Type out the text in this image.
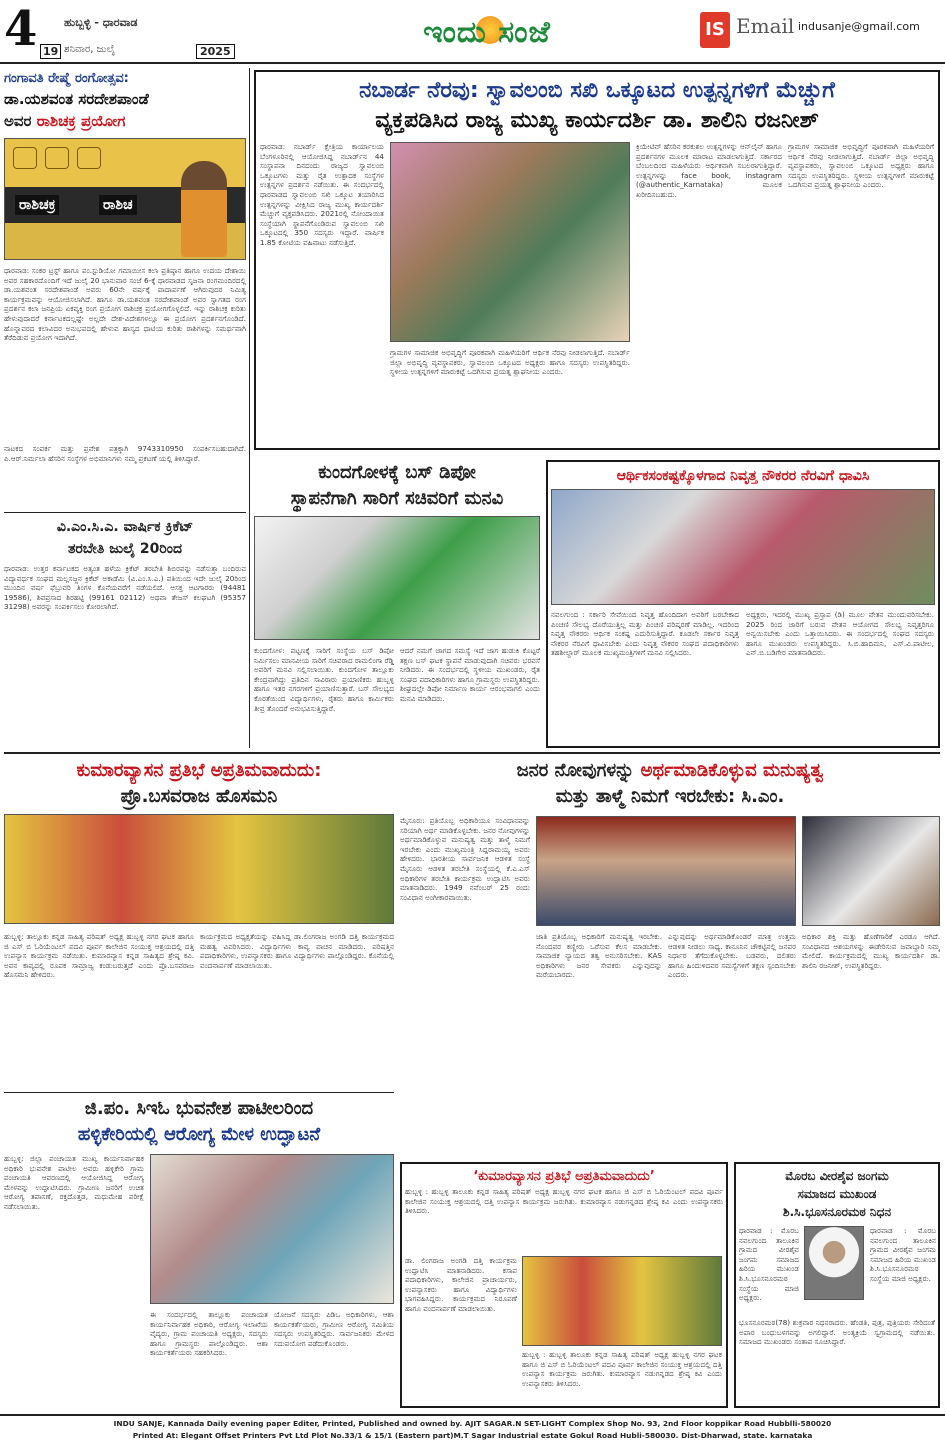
4 19
ಹುಬ್ಬಳ್ಳಿ - ಧಾರವಾಡ
ಶನಿವಾರ, ಜುಲೈ	2025
ಇಂದು ಸಂಜೆ	IS Email indusanje@gmail.com
ಗಂಗಾವತಿ ರೇಷ್ಮೆ ರಂಗೋತ್ಸವ:
ಡಾ.ಯಶವಂತ ಸರದೇಶಪಾಂಡೆ
ಅವರ ರಾಶಿಚಕ್ರ ಪ್ರಯೋಗ
ರಾಶಿಚಕ್ರ	ರಾಶಿಚ
ಧಾರವಾಡ: ಸಂಕಠ ಟ್ರಸ್ಟ್ ಹಾಗೂ ಪಂ.ಸ್ಟುಡಿಯೋ ಗಮಾಯೀಸ ಕಲಾ ಪ್ರತಿಷ್ಠಾನ ಹಾಗೂ ಉದಯ ದೇಶಾಯಿ ಅವರ ಸಹಕಾರದೊಂದಿಗೆ ಇದೆ ಜುಲೈ 20 ಭಾನುವಾರ ಸಂಜೆ 6-ಕ್ಕೆ ಧಾರವಾಡದ ಸೃಜನಾ ರಂಗಮಂದಿರದಲ್ಲಿ ಡಾ.ಯಶವಂತ ಸರದೇಶಪಾಂಡೆ ಅವರು 60ನೇ ವರ್ಷಕ್ಕೆ ಪಾದಾರ್ಪಣೆ ಆಗಿರುವುದರ ನಿಮಿತ್ಯ ಕಾರ್ಯಕ್ರಮವನ್ನು ಆಯೋಜಿಸಲಾಗಿದೆ. ಹಾಗೂ ಡಾ.ಯಶವಂತ ಸರದೇಶಪಾಂಡೆ ಅವರ ಸ್ವಾಗತದ ರಂಗ ಪ್ರದರ್ಶನ ಕಲಾ ಜನಪ್ರಿಯ ಏಕವ್ಯಕ್ತಿ ರಂಗ ಪ್ರಯೋಗ ರಾಶಿಚಕ್ರ ಪ್ರಯೋಗಗೊಳ್ಳಲಿದೆ. ಇನ್ನು ರಾಶಿಚಕ್ರ ಕುರಿತು ಹೇಳುವುದಾದರೆ ಕರ್ನಾಟಕದಲ್ಲಷ್ಟೇ ಅಲ್ಲದೇ ದೇಶ-ವಿದೇಶಗಳಲ್ಲೂ ಈ ಪ್ರಯೋಗ ಪ್ರದರ್ಶನಗೊಂಡಿದೆ. ಹೊನ್ನಾವರದ ಕಲಾವಿದರ ಅನುಭವದಲ್ಲಿ ಹೇಳುವ ಹಾಸ್ಯದ ಧಾಟಿಯ ಕುರಿತು ರಾಶಿಗಳನ್ನು ಸಮರ್ಥವಾಗಿ ತೆರೆದಿಡುವ ಪ್ರಯೋಗ ಇದಾಗಿದೆ.
ನಾಟಕದ ಸಂಪರ್ಕ ಮತ್ತು ಪ್ರವೇಶ ಪತ್ರಕ್ಕಾಗಿ 9743310950 ಸಂಪರ್ಕಿಸಬಹುದಾಗಿದೆ. ಪಿ.ಆರ್.ನಿರ್ಮಲಾ ಹೆಸರಿನ ಸಂಸ್ಥೆಗಳ ಅಭಿಮಾನಿಗಳು ನಮ್ಮ ಪ್ರಕಟಣೆ ಯಲ್ಲಿ ತಿಳಿಸಿದ್ದಾರೆ.
ವಿ.ಎಂ.ಸಿ.ಎ. ವಾರ್ಷಿಕ ಕ್ರಿಕೆಟ್
ತರಬೇತಿ ಜುಲೈ 20ರಿಂದ
ಧಾರವಾಡ: ಉತ್ತರ ಕರ್ನಾಟಕದ ಅತ್ಯಂತ ಹಳೆಯ ಕ್ರಿಕೆಟ್ ತರಬೇತಿ ಶಿಬಿರವನ್ನು ನಡೆಸುತ್ತಾ ಬಂದಿರುವ ವಿದ್ಯಾವರ್ಧಕ ಸಂಘದ ಮಲ್ಲಸಜ್ಜನ ಕ್ರಿಕೆಟ್ ಅಕಾಡೆಮಿ (ವಿ.ಎಂ.ಸಿ.ಎ.) ವತಿಯಿಂದ ಇದೇ ಜುಲೈ 20ರಿಂದ ಮುಂದಿನ ವರ್ಷ ಫೆಬ್ರುವರಿ ತಿಂಗಳ ಕೊನೆಯವರೆಗೆ ನಡೆಯಲಿದೆ. ಆಸಕ್ತ ಆಟಗಾರರು (94481 19586), ಶಿವಪ್ರಸಾದ ಶಿರಹಟ್ಟಿ (99161 02112) ಅಥವಾ ತೇಜಸ್ ಕಲಘಟಗಿ (95357 31298) ಅವರನ್ನು ಸಂಪರ್ಕಿಸಲು ಕೋರಲಾಗಿದೆ.
ನಬಾರ್ಡ ನೆರವು: ಸ್ವಾವಲಂಬಿ ಸಖಿ ಒಕ್ಕೂಟದ ಉತ್ಪನ್ನಗಳಿಗೆ ಮೆಚ್ಚುಗೆ
ವ್ಯಕ್ತಪಡಿಸಿದ ರಾಜ್ಯ ಮುಖ್ಯ ಕಾರ್ಯದರ್ಶಿ ಡಾ. ಶಾಲಿನಿ ರಜನೀಶ್
ಧಾರವಾಡ: ನಬಾರ್ಡ್ ಕ್ಷೇತ್ರಿಯ ಕಾರ್ಯಾಲಯ ಬೆಂಗಳೂರಿನಲ್ಲಿ ಆಯೋಜಿಸಿದ್ದ ನಬಾರ್ಡ್‌ನ 44 ಸಂಸ್ಥಾಪನಾ ದಿನದಂದು ರಾಜ್ಯದ ಸ್ವಾವಲಂಬಿ ಒಕ್ಕೂಟಗಳು ಮತ್ತು ರೈತ ಉತ್ಪಾದಕ ಸಂಸ್ಥೆಗಳ ಉತ್ಪನ್ನಗಳ ಪ್ರದರ್ಶನ ನಡೆಯಿತು. ಈ ಸಂದರ್ಭದಲ್ಲಿ ಧಾರವಾಡದ ಸ್ವಾವಲಂಬಿ ಸಖಿ ಒಕ್ಕೂಟ ತಯಾರಿಸಿದ ಉತ್ಪನ್ನಗಳನ್ನು ವೀಕ್ಷಿಸಿದ ರಾಜ್ಯ ಮುಖ್ಯ ಕಾರ್ಯದರ್ಶಿ ಮೆಚ್ಚುಗೆ ವ್ಯಕ್ತಪಡಿಸಿದರು. 2021ರಲ್ಲಿ ನೋಂದಾಯಿತ ಸಂಸ್ಥೆಯಾಗಿ ಸ್ಥಾಪನೆಗೊಂಡಿರುವ ಸ್ವಾವಲಂಬಿ ಸಖಿ ಒಕ್ಕೂಟದಲ್ಲಿ 350 ಸದಸ್ಯರು ಇದ್ದಾರೆ. ವಾರ್ಷಿಕ 1.85 ಕೋಟಿಯ ವಹಿವಾಟು ನಡೆಸುತ್ತಿದೆ.
ಗ್ರಾಮಗಳ ಸಾಮಾಜಿಕ ಅಭಿವೃದ್ಧಿಗೆ ಪೂರಕವಾಗಿ ಮಹಿಳೆಯರಿಗೆ ಆರ್ಥಿಕ ನೆರವು ನೀಡಲಾಗುತ್ತಿದೆ. ನಬಾರ್ಡ್ ಜಿಲ್ಲಾ ಅಭಿವೃದ್ಧಿ ವ್ಯವಸ್ಥಾಪಕರು, ಸ್ವಾವಲಂಬಿ ಒಕ್ಕೂಟದ ಅಧ್ಯಕ್ಷರು ಹಾಗೂ ಸದಸ್ಯರು ಉಪಸ್ಥಿತರಿದ್ದರು. ಸ್ಥಳೀಯ ಉತ್ಪನ್ನಗಳಿಗೆ ಮಾರುಕಟ್ಟೆ ಒದಗಿಸುವ ಪ್ರಯತ್ನ ಶ್ಲಾಘನೀಯ ಎಂದರು.
ಕ್ರಿಯೇಟಿವ್ ಹೆಸರಿನ ಕರಕುಶಲ ಉತ್ಪನ್ನಗಳನ್ನು ಆನ್‌ಲೈನ್ ಹಾಗೂ ಪ್ರದರ್ಶನಗಳ ಮೂಲಕ ಮಾರಾಟ ಮಾಡಲಾಗುತ್ತಿದೆ. ಸರ್ಕಾರದ ಬೆಂಬಲದಿಂದ ಮಹಿಳೆಯರು ಆರ್ಥಿಕವಾಗಿ ಸಬಲರಾಗುತ್ತಿದ್ದಾರೆ. ಉತ್ಪನ್ನಗಳನ್ನು face book, instagram (@authentic_Karnataka) ಮೂಲಕ ಖರೀದಿಸಬಹುದು.
ಗ್ರಾಮಗಳ ಸಾಮಾಜಿಕ ಅಭಿವೃದ್ಧಿಗೆ ಪೂರಕವಾಗಿ ಮಹಿಳೆಯರಿಗೆ ಆರ್ಥಿಕ ನೆರವು ನೀಡಲಾಗುತ್ತಿದೆ. ನಬಾರ್ಡ್ ಜಿಲ್ಲಾ ಅಭಿವೃದ್ಧಿ ವ್ಯವಸ್ಥಾಪಕರು, ಸ್ವಾವಲಂಬಿ ಒಕ್ಕೂಟದ ಅಧ್ಯಕ್ಷರು ಹಾಗೂ ಸದಸ್ಯರು ಉಪಸ್ಥಿತರಿದ್ದರು. ಸ್ಥಳೀಯ ಉತ್ಪನ್ನಗಳಿಗೆ ಮಾರುಕಟ್ಟೆ ಒದಗಿಸುವ ಪ್ರಯತ್ನ ಶ್ಲಾಘನೀಯ ಎಂದರು.
ಕುಂದಗೋಳಕ್ಕೆ ಬಸ್ ಡಿಪೋ
ಸ್ಥಾಪನೆಗಾಗಿ ಸಾರಿಗೆ ಸಚಿವರಿಗೆ ಮನವಿ
ಕುಂದಗೋಳ: ಪಟ್ಟಣಕ್ಕೆ ಸಾರಿಗೆ ಸಂಸ್ಥೆಯ ಬಸ್ ಡಿಪೋ ನಿರ್ಮಿಸಲು ಮಾನವೀಯ ಸಾರಿಗೆ ಸಚಿವರಾದ ರಾಮಲಿಂಗಾ ರೆಡ್ಡಿ ಅವರಿಗೆ ಮನವಿ ಸಲ್ಲಿಸಲಾಯಿತು. ಕುಂದಗೋಳ ತಾಲ್ಲೂಕು ಕೇಂದ್ರವಾಗಿದ್ದು ಪ್ರತಿದಿನ ಸಾವಿರಾರು ಪ್ರಯಾಣಿಕರು ಹುಬ್ಬಳ್ಳಿ ಹಾಗೂ ಇತರ ನಗರಗಳಿಗೆ ಪ್ರಯಾಣಿಸುತ್ತಾರೆ. ಬಸ್ ಸೌಲಭ್ಯದ ಕೊರತೆಯಿಂದ ವಿದ್ಯಾರ್ಥಿಗಳು, ರೈತರು ಹಾಗೂ ಕಾರ್ಮಿಕರು ತೀವ್ರ ತೊಂದರೆ ಅನುಭವಿಸುತ್ತಿದ್ದಾರೆ.
ಆದರೆ ನಮಗೆ ಜಾಗದ ಸಮಸ್ಯೆ ಇದೆ ಜಾಗ ಹುಡುಕಿ ಕೊಟ್ಟರೆ ತಕ್ಷಣ ಬಸ್ ಘಟಕ ಸ್ಥಾಪನೆ ಮಾಡುವುದಾಗಿ ಸಚಿವರು ಭರವಸೆ ನೀಡಿದರು. ಈ ಸಂದರ್ಭದಲ್ಲಿ ಸ್ಥಳೀಯ ಮುಖಂಡರು, ರೈತ ಸಂಘದ ಪದಾಧಿಕಾರಿಗಳು ಹಾಗೂ ಗ್ರಾಮಸ್ಥರು ಉಪಸ್ಥಿತರಿದ್ದರು. ಶೀಘ್ರದಲ್ಲೇ ಡಿಪೋ ನಿರ್ಮಾಣ ಕಾರ್ಯ ಆರಂಭವಾಗಲಿ ಎಂದು ಮನವಿ ಮಾಡಿದರು.
ಆರ್ಥಿಕಸಂಕಷ್ಟಕ್ಕೊಳಗಾದ ನಿವೃತ್ತ ನೌಕರರ ನೆರವಿಗೆ ಧಾವಿಸಿ
ನವಲಗುಂದ : ಸರ್ಕಾರಿ ಸೇವೆಯಿಂದ ನಿವೃತ್ತ ಹೊಂದಿದಾಗ ಅವರಿಗೆ ಬರಬೇಕಾದ ಪಿಂಚಣಿ ಸೌಲಭ್ಯ ದೊರೆಯುತ್ತಿಲ್ಲ ಮತ್ತು ಪಿಂಚಣಿ ಪರಿಷ್ಕರಣೆ ಮಾಡಿಲ್ಲ. ಇದರಿಂದ ನಿವೃತ್ತ ನೌಕರರು ಆರ್ಥಿಕ ಸಂಕಷ್ಟ ಎದುರಿಸುತ್ತಿದ್ದಾರೆ. ಕೂಡಲೇ ಸರ್ಕಾರ ನಿವೃತ್ತ ನೌಕರರ ನೆರವಿಗೆ ಧಾವಿಸಬೇಕು ಎಂದು ನಿವೃತ್ತ ನೌಕರರ ಸಂಘದ ಪದಾಧಿಕಾರಿಗಳು ತಹಶೀಲ್ದಾರ್ ಮೂಲಕ ಮುಖ್ಯಮಂತ್ರಿಗಳಿಗೆ ಮನವಿ ಸಲ್ಲಿಸಿದರು.
ಅಧ್ಯಕ್ಷರು, ಇದರಲ್ಲಿ ಮುಖ್ಯ ಪ್ರಸ್ತಾಪ (ಡಿ) ಮೂಲ ವೇತನ ಮುಂದುವರಿಸಬೇಕು. 2025 ರಿಂದ ಜಾರಿಗೆ ಬರುವ ವೇತನ ಆಯೋಗದ ಸೌಲಭ್ಯ ನಿವೃತ್ತರಿಗೂ ಅನ್ವಯಿಸಬೇಕು ಎಂದು ಒತ್ತಾಯಿಸಿದರು. ಈ ಸಂದರ್ಭದಲ್ಲಿ ಸಂಘದ ಸದಸ್ಯರು ಹಾಗೂ ಮುಖಂಡರು ಉಪಸ್ಥಿತರಿದ್ದರು. ಸಿ.ಬಿ.ಹಾದಿಮನಿ, ಎಸ್.ವಿ.ಪಾಟೀಲ, ಎನ್.ಬಿ.ಬಡಿಗೇರ ಮಾತನಾಡಿದರು.
ಕುಮಾರವ್ಯಾಸನ ಪ್ರತಿಭೆ ಅಪ್ರತಿಮವಾದುದು:
ಪ್ರೊ.ಬಸವರಾಜ ಹೊಸಮನಿ
ಹುಬ್ಬಳ್ಳಿ: ತಾಲ್ಲೂಕು ಕನ್ನಡ ಸಾಹಿತ್ಯ ಪರಿಷತ್ ಅಧ್ಯಕ್ಷ ಹುಬ್ಬಳ್ಳಿ ನಗರ ಘಟಕ ಹಾಗೂ ಜಿ ಎಸ್ ಬಿ ಓರಿಯೆಂಟಲ್ ಪದವಿ ಪೂರ್ವ ಕಾಲೇಜಿನ ಸಂಯುಕ್ತ ಆಶ್ರಯದಲ್ಲಿ ದತ್ತಿ ಉಪನ್ಯಾಸ ಕಾರ್ಯಕ್ರಮ ನಡೆಯಿತು. ಕುಮಾರವ್ಯಾಸ ಕನ್ನಡ ಸಾಹಿತ್ಯದ ಶ್ರೇಷ್ಠ ಕವಿ. ಅವನ ಕಾವ್ಯದಲ್ಲಿ ರೂಪಕ ಸಾಮ್ರಾಜ್ಯ ಕಂಡುಬರುತ್ತದೆ ಎಂದು ಪ್ರೊ.ಬಸವರಾಜ ಹೊಸಮನಿ ಹೇಳಿದರು.
ಕಾರ್ಯಕ್ರಮದ ಅಧ್ಯಕ್ಷತೆಯನ್ನು ವಹಿಸಿದ್ದ ಡಾ.ಲಿಂಗರಾಜ ಅಂಗಡಿ ದತ್ತಿ ಕಾರ್ಯಕ್ರಮದ ಮಹತ್ವ ವಿವರಿಸಿದರು. ವಿದ್ಯಾರ್ಥಿಗಳು ಕಾವ್ಯ ವಾಚನ ಮಾಡಿದರು. ಪರಿಷತ್ತಿನ ಪದಾಧಿಕಾರಿಗಳು, ಉಪನ್ಯಾಸಕರು ಹಾಗೂ ವಿದ್ಯಾರ್ಥಿಗಳು ಪಾಲ್ಗೊಂಡಿದ್ದರು. ಕೊನೆಯಲ್ಲಿ ವಂದನಾರ್ಪಣೆ ಮಾಡಲಾಯಿತು.
ಜನರ ನೋವುಗಳನ್ನು ಅರ್ಥಮಾಡಿಕೊಳ್ಳುವ ಮನುಷ್ಯತ್ವ
ಮತ್ತು ತಾಳ್ಮೆ ನಿಮಗೆ ಇರಬೇಕು: ಸಿ.ಎಂ.
ಮೈಸೂರು: ಪ್ರತಿಯೊಬ್ಬ ಅಧಿಕಾರಿಯೂ ಸಂವಿಧಾನವನ್ನು ಸರಿಯಾಗಿ ಅರ್ಥ ಮಾಡಿಕೊಳ್ಳಬೇಕು. ಜನರ ನೋವುಗಳನ್ನು ಅರ್ಥಮಾಡಿಕೊಳ್ಳುವ ಮನುಷ್ಯತ್ವ ಮತ್ತು ತಾಳ್ಮೆ ನಿಮಗೆ ಇರಬೇಕು ಎಂದು ಮುಖ್ಯಮಂತ್ರಿ ಸಿದ್ದರಾಮಯ್ಯ ಅವರು ಹೇಳಿದರು. ಭಾರತೀಯ ಸಾರ್ವಜನಿಕ ಆಡಳಿತ ಸಂಸ್ಥೆ ಮೈಸೂರು ಆಡಳಿತ ತರಬೇತಿ ಸಂಸ್ಥೆಯಲ್ಲಿ ಕೆ.ಎ.ಎಸ್ ಅಧಿಕಾರಿಗಳ ತರಬೇತಿ ಕಾರ್ಯಕ್ರಮ ಉದ್ಘಾಟಿಸಿ ಅವರು ಮಾತನಾಡಿದರು. 1949 ನವೆಂಬರ್ 25 ರಂದು ಸಂವಿಧಾನ ಅಂಗೀಕಾರವಾಯಿತು.
ಜಾತಿ ಪ್ರತಿಯೊಬ್ಬ ಅಧಿಕಾರಿಗೆ ಮನುಷ್ಯತ್ವ ಇರಬೇಕು. ನೊಂದವರ ಕಣ್ಣೀರು ಒರೆಸುವ ಕೆಲಸ ಮಾಡಬೇಕು. ಸಾಮಾಜಿಕ ನ್ಯಾಯದ ತತ್ವ ಅನುಸರಿಸಬೇಕು. KAS ಅಧಿಕಾರಿಗಳು ಜನರ ಸೇವಕರು ಎನ್ನುವುದನ್ನು ಮರೆಯಬಾರದು.
ಎನ್ನುವುದನ್ನು ಅರ್ಥಮಾಡಿಕೊಂಡರೆ ಮಾತ್ರ ಉತ್ತಮ ಆಡಳಿತ ನೀಡಲು ಸಾಧ್ಯ. ಕಾನೂನಿನ ಚೌಕಟ್ಟಿನಲ್ಲಿ ಜನಪರ ನಿರ್ಧಾರ ತೆಗೆದುಕೊಳ್ಳಬೇಕು. ಬಡವರು, ದಲಿತರು ಹಾಗೂ ಹಿಂದುಳಿದವರ ಸಮಸ್ಯೆಗಳಿಗೆ ತಕ್ಷಣ ಸ್ಪಂದಿಸಬೇಕು ಎಂದರು.
ಅಧಿಕಾರ ಶಕ್ತಿ ಮತ್ತು ಹೊಣೆಗಾರಿಕೆ ಎರಡೂ ಆಗಿದೆ. ಸಂವಿಧಾನದ ಆಶಯಗಳನ್ನು ಈಡೇರಿಸುವ ಜವಾಬ್ದಾರಿ ನಿಮ್ಮ ಮೇಲಿದೆ. ಕಾರ್ಯಕ್ರಮದಲ್ಲಿ ಮುಖ್ಯ ಕಾರ್ಯದರ್ಶಿ ಡಾ. ಶಾಲಿನಿ ರಜನೀಶ್, ಉಪಸ್ಥಿತರಿದ್ದರು.
ಜಿ.ಪಂ. ಸಿಇಓ ಭುವನೇಶ ಪಾಟೀಲರಿಂದ
ಹಳ್ಳಿಕೇರಿಯಲ್ಲಿ ಆರೋಗ್ಯ ಮೇಳ ಉದ್ಘಾಟನೆ
ಹುಬ್ಬಳ್ಳಿ: ಜಿಲ್ಲಾ ಪಂಚಾಯತ ಮುಖ್ಯ ಕಾರ್ಯನಿರ್ವಾಹಕ ಅಧಿಕಾರಿ ಭುವನೇಶ ಪಾಟೀಲ ಅವರು ಹಳ್ಳಿಕೇರಿ ಗ್ರಾಮ ಪಂಚಾಯತಿ ಆವರಣದಲ್ಲಿ ಆಯೋಜಿಸಿದ್ದ ಆರೋಗ್ಯ ಮೇಳವನ್ನು ಉದ್ಘಾಟಿಸಿದರು. ಗ್ರಾಮೀಣ ಜನರಿಗೆ ಉಚಿತ ಆರೋಗ್ಯ ತಪಾಸಣೆ, ರಕ್ತದೊತ್ತಡ, ಮಧುಮೇಹ ಪರೀಕ್ಷೆ ನಡೆಸಲಾಯಿತು.
ಈ ಸಂದರ್ಭದಲ್ಲಿ ತಾಲ್ಲೂಕು ಪಂಚಾಯತ ಕಾರ್ಯನಿರ್ವಾಹಕ ಅಧಿಕಾರಿ, ಆರೋಗ್ಯ ಇಲಾಖೆಯ ವೈದ್ಯರು, ಗ್ರಾಮ ಪಂಚಾಯತಿ ಅಧ್ಯಕ್ಷರು, ಸದಸ್ಯರು ಹಾಗೂ ಗ್ರಾಮಸ್ಥರು ಪಾಲ್ಗೊಂಡಿದ್ದರು. ಆಶಾ ಕಾರ್ಯಕರ್ತೆಯರು ಸಹಕರಿಸಿದರು.
ಯೋಜನೆ ಸದಸ್ಯರು ಪಿಡಿಒ ಅಧಿಕಾರಿಗಳು, ಆಶಾ ಕಾರ್ಯಕರ್ತೆಯರು, ಗ್ರಾಮೀಣ ಆರೋಗ್ಯ ಸಮಿತಿಯ ಸದಸ್ಯರು ಉಪಸ್ಥಿತರಿದ್ದರು. ಸಾರ್ವಜನಿಕರು ಮೇಳದ ಸದುಪಯೋಗ ಪಡೆದುಕೊಂಡರು.
‘ಕುಮಾರವ್ಯಾಸನ ಪ್ರತಿಭೆ ಅಪ್ರತಿಮವಾದುದು’
ಹುಬ್ಬಳ್ಳಿ : ಹುಬ್ಬಳ್ಳಿ ತಾಲೂಕು ಕನ್ನಡ ಸಾಹಿತ್ಯ ಪರಿಷತ್ ಅಧ್ಯಕ್ಷ ಹುಬ್ಬಳ್ಳಿ ನಗರ ಘಟಕ ಹಾಗೂ ಜಿ ಎಸ್ ಬಿ ಓರಿಯೆಂಟಲ್ ಪದವಿ ಪೂರ್ವ ಕಾಲೇಜಿನ ಸಂಯುಕ್ತ ಆಶ್ರಯದಲ್ಲಿ ದತ್ತಿ ಉಪನ್ಯಾಸ ಕಾರ್ಯಕ್ರಮ ಜರುಗಿತು. ಕುಮಾರವ್ಯಾಸ ನಡುಗನ್ನಡದ ಶ್ರೇಷ್ಠ ಕವಿ ಎಂದು ಉಪನ್ಯಾಸಕರು ತಿಳಿಸಿದರು.
ಡಾ. ಲಿಂಗರಾಜ ಅಂಗಡಿ ದತ್ತಿ ಕಾರ್ಯಕ್ರಮ ಉದ್ಘಾಟಿಸಿ ಮಾತನಾಡಿದರು. ಕಸಾಪ ಪದಾಧಿಕಾರಿಗಳು, ಕಾಲೇಜಿನ ಪ್ರಾಚಾರ್ಯರು, ಉಪನ್ಯಾಸಕರು ಹಾಗೂ ವಿದ್ಯಾರ್ಥಿಗಳು ಭಾಗವಹಿಸಿದ್ದರು. ಕಾರ್ಯಕ್ರಮದ ನಿರೂಪಣೆ ಹಾಗೂ ವಂದನಾರ್ಪಣೆ ಮಾಡಲಾಯಿತು.
ಹುಬ್ಬಳ್ಳಿ : ಹುಬ್ಬಳ್ಳಿ ತಾಲೂಕು ಕನ್ನಡ ಸಾಹಿತ್ಯ ಪರಿಷತ್ ಅಧ್ಯಕ್ಷ ಹುಬ್ಬಳ್ಳಿ ನಗರ ಘಟಕ ಹಾಗೂ ಜಿ ಎಸ್ ಬಿ ಓರಿಯೆಂಟಲ್ ಪದವಿ ಪೂರ್ವ ಕಾಲೇಜಿನ ಸಂಯುಕ್ತ ಆಶ್ರಯದಲ್ಲಿ ದತ್ತಿ ಉಪನ್ಯಾಸ ಕಾರ್ಯಕ್ರಮ ಜರುಗಿತು. ಕುಮಾರವ್ಯಾಸ ನಡುಗನ್ನಡದ ಶ್ರೇಷ್ಠ ಕವಿ ಎಂದು ಉಪನ್ಯಾಸಕರು ತಿಳಿಸಿದರು.
ಮೊರಬ ವೀರಶೈವ ಜಂಗಮ
ಸಮಾಜದ ಮುಖಂಡ
ಶಿ.ಸಿ.ಭೂಸನೂರಮಠ ನಿಧನ
ಧಾರವಾಡ : ಮೊರಬ ನವಲಗುಂದ ತಾಲೂಕಿನ ಗ್ರಾಮದ ವೀರಶೈವ ಜಂಗಮ ಸಮಾಜದ ಹಿರಿಯ ಮುಖಂಡ ಶಿ.ಸಿ.ಭೂಸನೂರಮಠ ಸಂಸ್ಥೆಯ ಮಾಜಿ ಅಧ್ಯಕ್ಷರು.
ಧಾರವಾಡ : ಮೊರಬ ನವಲಗುಂದ ತಾಲೂಕಿನ ಗ್ರಾಮದ ವೀರಶೈವ ಜಂಗಮ ಸಮಾಜದ ಹಿರಿಯ ಮುಖಂಡ ಶಿ.ಸಿ.ಭೂಸನೂರಮಠ ಸಂಸ್ಥೆಯ ಮಾಜಿ ಅಧ್ಯಕ್ಷರು.
ಭೂಸನೂರಮಠ(78) ಶುಕ್ರವಾರ ನಿಧನರಾದರು. ಹೆಂಡತಿ, ಪುತ್ರ, ಪುತ್ರಿಯರು ಸೇರಿದಂತೆ ಅಪಾರ ಬಂಧುಬಳಗವನ್ನು ಅಗಲಿದ್ದಾರೆ. ಅಂತ್ಯಕ್ರಿಯೆ ಸ್ವಗ್ರಾಮದಲ್ಲಿ ನಡೆಯಿತು. ಸಮಾಜದ ಮುಖಂಡರು ಸಂತಾಪ ಸೂಚಿಸಿದ್ದಾರೆ.
INDU SANJE, Kannada Daily evening paper Editer, Printed, Published and owned by. AJIT SAGAR.N SET-LIGHT Complex Shop No. 93, 2nd Floor koppikar Road Hubblli-580020
Printed At: Elegant Offset Printers Pvt Ltd Plot No.33/1 & 15/1 (Eastern part)M.T Sagar Industrial estate Gokul Road Hubli-580030. Dist-Dharwad, state. karnataka
